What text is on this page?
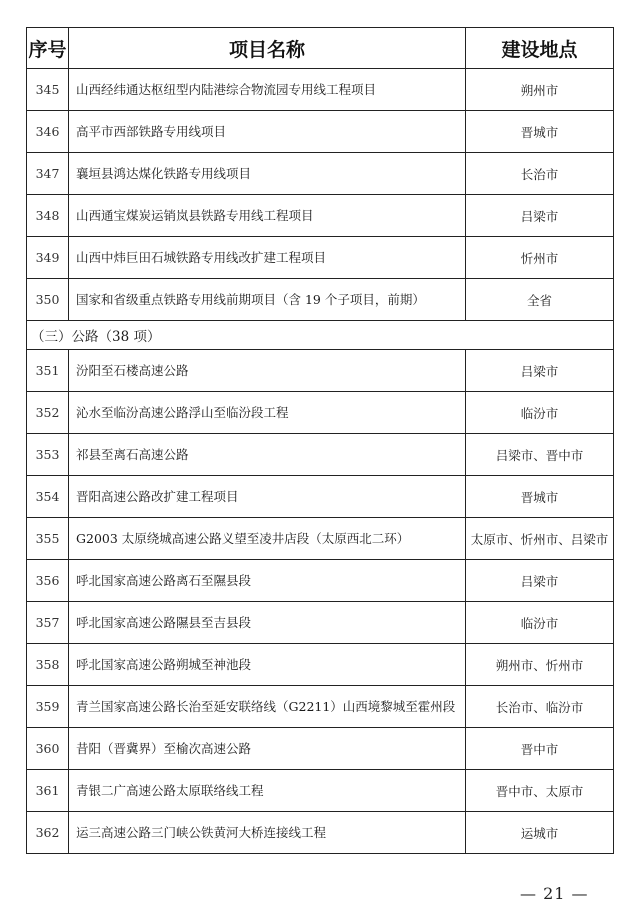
序号	项目名称	建设地点
345	山西经纬通达枢纽型内陆港综合物流园专用线工程项目	朔州市
346	高平市西部铁路专用线项目	晋城市
347	襄垣县鸿达煤化铁路专用线项目	长治市
348	山西通宝煤炭运销岚县铁路专用线工程项目	吕梁市
349	山西中炜巨田石城铁路专用线改扩建工程项目	忻州市
350	国家和省级重点铁路专用线前期项目（含 19 个子项目，前期）	全省
（三）公路（38 项）		
351	汾阳至石楼高速公路	吕梁市
352	沁水至临汾高速公路浮山至临汾段工程	临汾市
353	祁县至离石高速公路	吕梁市、晋中市
354	晋阳高速公路改扩建工程项目	晋城市
355	G2003 太原绕城高速公路义望至凌井店段（太原西北二环）	太原市、忻州市、吕梁市
356	呼北国家高速公路离石至隰县段	吕梁市
357	呼北国家高速公路隰县至吉县段	临汾市
358	呼北国家高速公路朔城至神池段	朔州市、忻州市
359	青兰国家高速公路长治至延安联络线（G2211）山西境黎城至霍州段	长治市、临汾市
360	昔阳（晋冀界）至榆次高速公路	晋中市
361	青银二广高速公路太原联络线工程	晋中市、太原市
362	运三高速公路三门峡公铁黄河大桥连接线工程	运城市
— 21 —
